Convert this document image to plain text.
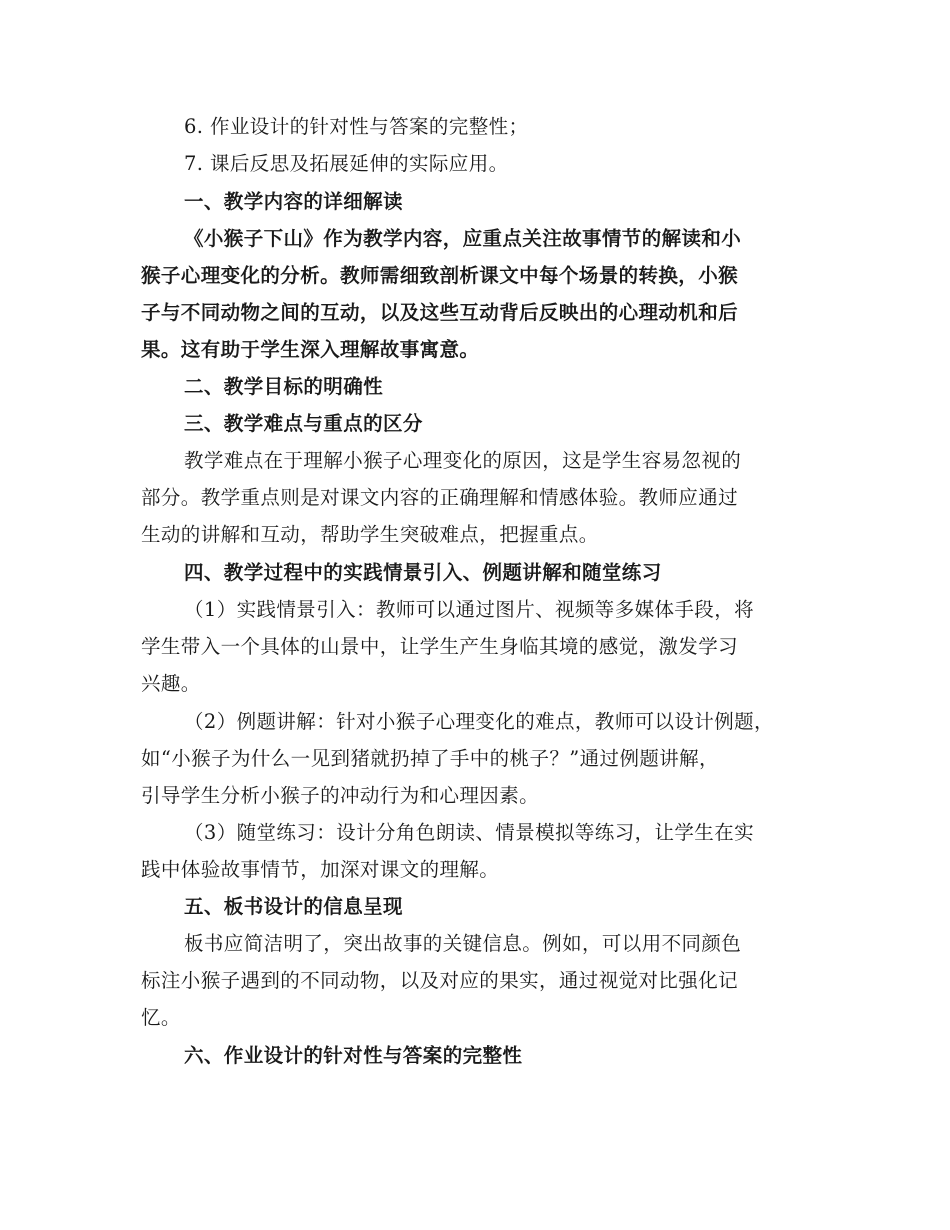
6. 作业设计的针对性与答案的完整性；
7. 课后反思及拓展延伸的实际应用。
一、教学内容的详细解读
《小猴子下山》作为教学内容，应重点关注故事情节的解读和小
猴子心理变化的分析。教师需细致剖析课文中每个场景的转换，小猴
子与不同动物之间的互动，以及这些互动背后反映出的心理动机和后
果。这有助于学生深入理解故事寓意。
二、教学目标的明确性
三、教学难点与重点的区分
教学难点在于理解小猴子心理变化的原因，这是学生容易忽视的
部分。教学重点则是对课文内容的正确理解和情感体验。教师应通过
生动的讲解和互动，帮助学生突破难点，把握重点。
四、教学过程中的实践情景引入、例题讲解和随堂练习
（1）实践情景引入：教师可以通过图片、视频等多媒体手段，将
学生带入一个具体的山景中，让学生产生身临其境的感觉，激发学习
兴趣。
（2）例题讲解：针对小猴子心理变化的难点，教师可以设计例题，
如“小猴子为什么一见到猪就扔掉了手中的桃子？”通过例题讲解，
引导学生分析小猴子的冲动行为和心理因素。
（3）随堂练习：设计分角色朗读、情景模拟等练习，让学生在实
践中体验故事情节，加深对课文的理解。
五、板书设计的信息呈现
板书应简洁明了，突出故事的关键信息。例如，可以用不同颜色
标注小猴子遇到的不同动物，以及对应的果实，通过视觉对比强化记
忆。
六、作业设计的针对性与答案的完整性
